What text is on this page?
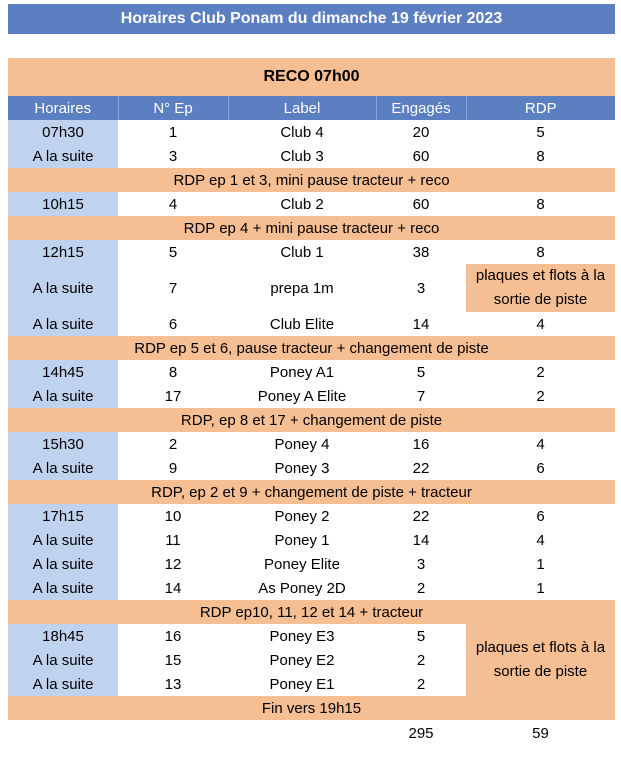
Horaires Club Ponam du dimanche 19 février 2023
RECO 07h00
Horaires	N° Ep	Label	Engagés	RDP
07h30	1	Club 4	20	5
A la suite	3	Club 3	60	8
RDP ep 1 et 3, mini pause tracteur + reco				
10h15	4	Club 2	60	8
RDP ep 4 + mini pause tracteur + reco				
12h15	5	Club 1	38	8
A la suite	7	prepa 1m	3	plaques et flots à la sortie de piste
A la suite	6	Club Elite	14	4
RDP ep 5 et 6, pause tracteur + changement de piste				
14h45	8	Poney A1	5	2
A la suite	17	Poney A Elite	7	2
RDP, ep 8 et 17 + changement de piste				
15h30	2	Poney 4	16	4
A la suite	9	Poney 3	22	6
RDP, ep 2 et 9 + changement de piste + tracteur				
17h15	10	Poney 2	22	6
A la suite	11	Poney 1	14	4
A la suite	12	Poney Elite	3	1
A la suite	14	As Poney 2D	2	1
RDP ep10, 11, 12 et 14 + tracteur				
18h45	16	Poney E3	5	plaques et flots à la sortie de piste
A la suite	15	Poney E2	2	
A la suite	13	Poney E1	2	
Fin vers 19h15				
			295	59
